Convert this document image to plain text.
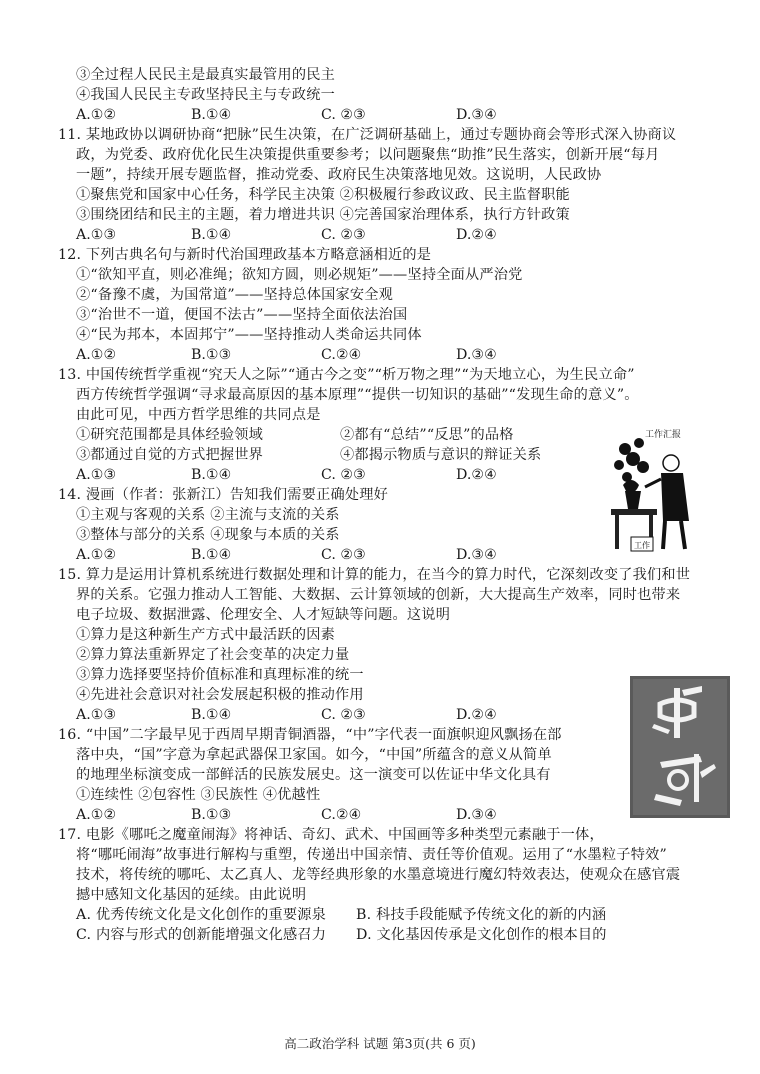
③全过程人民民主是最真实最管用的民主
④我国人民民主专政坚持民主与专政统一
A.①②	B.①④	C. ②③	D.③④
11. 某地政协以调研协商“把脉”民生决策，在广泛调研基础上，通过专题协商会等形式深入协商议
政，为党委、政府优化民生决策提供重要参考；以问题聚焦“助推”民生落实，创新开展“每月
一题”，持续开展专题监督，推动党委、政府民生决策落地见效。这说明，人民政协
①聚焦党和国家中心任务，科学民主决策 ②积极履行参政议政、民主监督职能
③围绕团结和民主的主题，着力增进共识 ④完善国家治理体系，执行方针政策
A.①③	B.①④	C. ②③	D.②④
12. 下列古典名句与新时代治国理政基本方略意涵相近的是
①“欲知平直，则必准绳；欲知方圆，则必规矩”——坚持全面从严治党
②“备豫不虞，为国常道”——坚持总体国家安全观
③“治世不一道，便国不法古”——坚持全面依法治国
④“民为邦本，本固邦宁”——坚持推动人类命运共同体
A.①②	B.①③	C.②④	D.③④
13. 中国传统哲学重视“究天人之际”“通古今之变”“析万物之理”“为天地立心，为生民立命”
西方传统哲学强调“寻求最高原因的基本原理”“提供一切知识的基础”“发现生命的意义”。
由此可见，中西方哲学思维的共同点是
①研究范围都是具体经验领域	②都有“总结”“反思”的品格
③都通过自觉的方式把握世界	④都揭示物质与意识的辩证关系
A.①③	B.①④	C. ②③	D.②④
14. 漫画（作者：张新江）告知我们需要正确处理好
①主观与客观的关系 ②主流与支流的关系
③整体与部分的关系 ④现象与本质的关系
A.①②	B.①④	C. ②③	D.③④
工作汇报
工作
15. 算力是运用计算机系统进行数据处理和计算的能力，在当今的算力时代，它深刻改变了我们和世
界的关系。它强力推动人工智能、大数据、云计算领域的创新，大大提高生产效率，同时也带来
电子垃圾、数据泄露、伦理安全、人才短缺等问题。这说明
①算力是这种新生产方式中最活跃的因素
②算力算法重新界定了社会变革的决定力量
③算力选择要坚持价值标准和真理标准的统一
④先进社会意识对社会发展起积极的推动作用
A.①③	B.①④	C. ②③	D.②④
16. “中国”二字最早见于西周早期青铜酒器，“中”字代表一面旗帜迎风飘扬在部
落中央，“国”字意为拿起武器保卫家国。如今，“中国”所蕴含的意义从简单
的地理坐标演变成一部鲜活的民族发展史。这一演变可以佐证中华文化具有
①连续性 ②包容性 ③民族性 ④优越性
A.①②	B.①③	C.②④	D.③④
17. 电影《哪吒之魔童闹海》将神话、奇幻、武术、中国画等多种类型元素融于一体，
将“哪吒闹海”故事进行解构与重塑，传递出中国亲情、责任等价值观。运用了“水墨粒子特效”
技术，将传统的哪吒、太乙真人、龙等经典形象的水墨意境进行魔幻特效表达，使观众在感官震
撼中感知文化基因的延续。由此说明
A. 优秀传统文化是文化创作的重要源泉 B. 科技手段能赋予传统文化的新的内涵
C. 内容与形式的创新能增强文化感召力 D. 文化基因传承是文化创作的根本目的
高二政治学科 试题 第3页(共 6 页)
